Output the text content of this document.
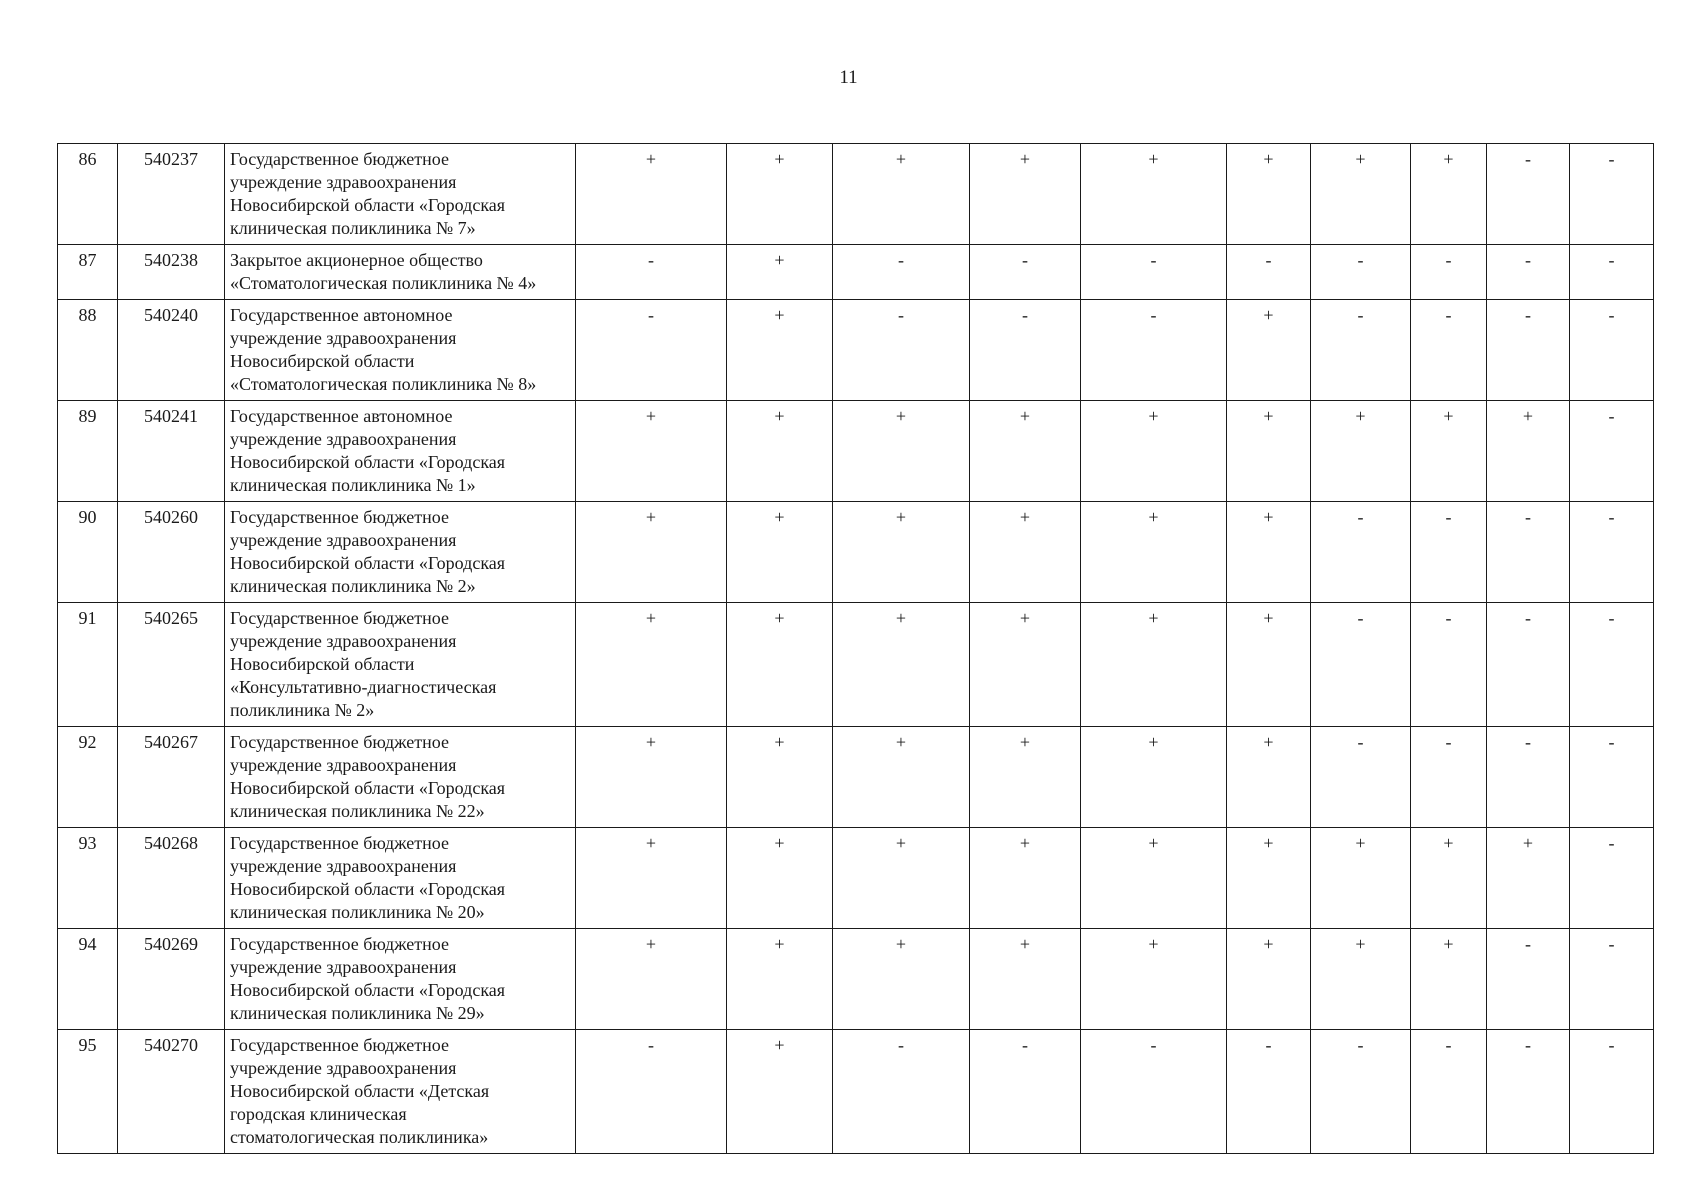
11
86	540237	Государственное бюджетное
учреждение здравоохранения
Новосибирской области «Городская
клиническая поликлиника № 7»	+	+	+	+	+	+	+	+	-	-
87	540238	Закрытое акционерное общество
«Стоматологическая поликлиника № 4»	-	+	-	-	-	-	-	-	-	-
88	540240	Государственное автономное
учреждение здравоохранения
Новосибирской области
«Стоматологическая поликлиника № 8»	-	+	-	-	-	+	-	-	-	-
89	540241	Государственное автономное
учреждение здравоохранения
Новосибирской области «Городская
клиническая поликлиника № 1»	+	+	+	+	+	+	+	+	+	-
90	540260	Государственное бюджетное
учреждение здравоохранения
Новосибирской области «Городская
клиническая поликлиника № 2»	+	+	+	+	+	+	-	-	-	-
91	540265	Государственное бюджетное
учреждение здравоохранения
Новосибирской области
«Консультативно-диагностическая
поликлиника № 2»	+	+	+	+	+	+	-	-	-	-
92	540267	Государственное бюджетное
учреждение здравоохранения
Новосибирской области «Городская
клиническая поликлиника № 22»	+	+	+	+	+	+	-	-	-	-
93	540268	Государственное бюджетное
учреждение здравоохранения
Новосибирской области «Городская
клиническая поликлиника № 20»	+	+	+	+	+	+	+	+	+	-
94	540269	Государственное бюджетное
учреждение здравоохранения
Новосибирской области «Городская
клиническая поликлиника № 29»	+	+	+	+	+	+	+	+	-	-
95	540270	Государственное бюджетное
учреждение здравоохранения
Новосибирской области «Детская
городская клиническая
стоматологическая поликлиника»	-	+	-	-	-	-	-	-	-	-
